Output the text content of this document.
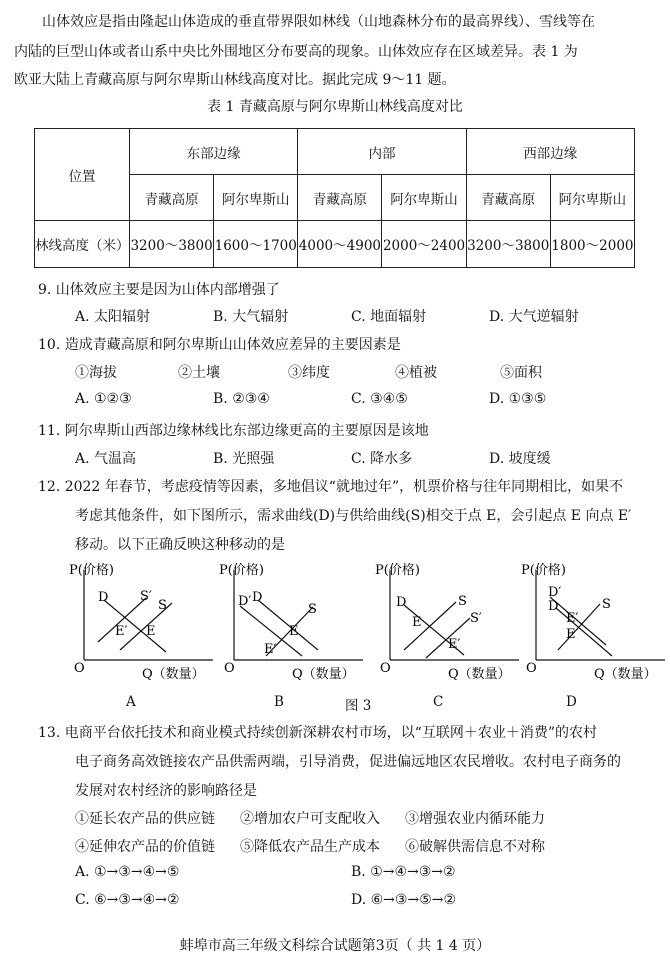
山体效应是指由隆起山体造成的垂直带界限如林线（山地森林分布的最高界线）、雪线等在
内陆的巨型山体或者山系中央比外围地区分布要高的现象。山体效应存在区域差异。表 1 为
欧亚大陆上青藏高原与阿尔卑斯山林线高度对比。据此完成 9～11 题。
表 1 青藏高原与阿尔卑斯山林线高度对比
位置	东部边缘		内部		西部边缘	
	青藏高原	阿尔卑斯山	青藏高原	阿尔卑斯山	青藏高原	阿尔卑斯山
林线高度（米）	3200～3800	1600～1700	4000～4900	2000～2400	3200～3800	1800～2000
9. 山体效应主要是因为山体内部增强了
A. 太阳辐射	B. 大气辐射	C. 地面辐射	D. 大气逆辐射
10. 造成青藏高原和阿尔卑斯山山体效应差异的主要因素是
①海拔	②土壤	③纬度	④植被	⑤面积
A. ①②③	B. ②③④	C. ③④⑤	D. ①③⑤
11. 阿尔卑斯山西部边缘林线比东部边缘更高的主要原因是该地
A. 气温高	B. 光照强	C. 降水多	D. 坡度缓
12. 2022 年春节，考虑疫情等因素，多地倡议“就地过年”，机票价格与往年同期相比，如果不
考虑其他条件，如下图所示，需求曲线(D)与供给曲线(S)相交于点 E，会引起点 E 向点 E′
移动。以下正确反映这种移动的是
P(价格)
D S′
S
E′ E
O	Q（数量）
P(价格)
D′ D
S
E
E′
O	Q（数量）
P(价格)
D	S
S′
E
E′
O	Q（数量）
P(价格)
D′
D	S
E′
E
O	Q（数量）
A	B	图 3	C	D
13. 电商平台依托技术和商业模式持续创新深耕农村市场，以“互联网＋农业＋消费”的农村
电子商务高效链接农产品供需两端，引导消费，促进偏远地区农民增收。农村电子商务的
发展对农村经济的影响路径是
①延长农产品的供应链 ②增加农户可支配收入 ③增强农业内循环能力
④延伸农产品的价值链 ⑤降低农产品生产成本 ⑥破解供需信息不对称
A. ①→③→④→⑤	B. ①→④→③→②
C. ⑥→③→④→②	D. ⑥→③→⑤→②
蚌埠市高三年级文科综合试题第3页（ 共 1 4 页）
